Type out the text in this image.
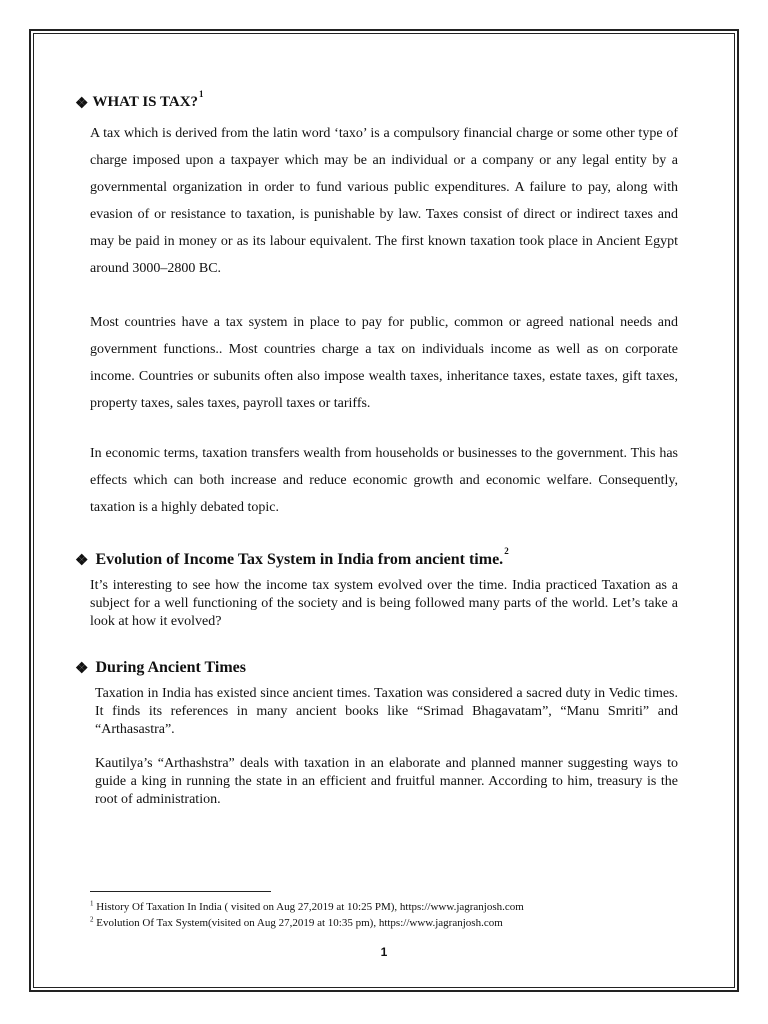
❖ WHAT IS TAX? 1

A tax which is derived from the latin word ‘taxo’ is a compulsory financial charge or some other type of charge imposed upon a taxpayer which may be an individual or a company or any legal entity by a governmental organization in order to fund various public expenditures. A failure to pay, along with evasion of or resistance to taxation, is punishable by law. Taxes consist of direct or indirect taxes and may be paid in money or as its labour equivalent. The first known taxation took place in Ancient Egypt around 3000–2800 BC.

Most countries have a tax system in place to pay for public, common or agreed national needs and government functions.. Most countries charge a tax on individuals income as well as on corporate income. Countries or subunits often also impose wealth taxes, inheritance taxes, estate taxes, gift taxes, property taxes, sales taxes, payroll taxes or tariffs.

In economic terms, taxation transfers wealth from households or businesses to the government. This has effects which can both increase and reduce economic growth and economic welfare. Consequently, taxation is a highly debated topic.

❖ Evolution of Income Tax System in India from ancient time. 2

It’s interesting to see how the income tax system evolved over the time. India practiced Taxation as a subject for a well functioning of the society and is being followed many parts of the world. Let’s take a look at how it evolved?

❖ During Ancient Times

Taxation in India has existed since ancient times. Taxation was considered a sacred duty in Vedic times. It finds its references in many ancient books like “Srimad Bhagavatam”, “Manu Smriti” and “Arthasastra”.

Kautilya’s “Arthashstra” deals with taxation in an elaborate and planned manner suggesting ways to guide a king in running the state in an efficient and fruitful manner. According to him, treasury is the root of administration.

$^1$ History Of Taxation In India ( visited on Aug 27,2019 at 10:25 PM), https://www.jagranjosh.com
$^2$ Evolution Of Tax System(visited on Aug 27,2019 at 10:35 pm), https://www.jagranjosh.com
1
